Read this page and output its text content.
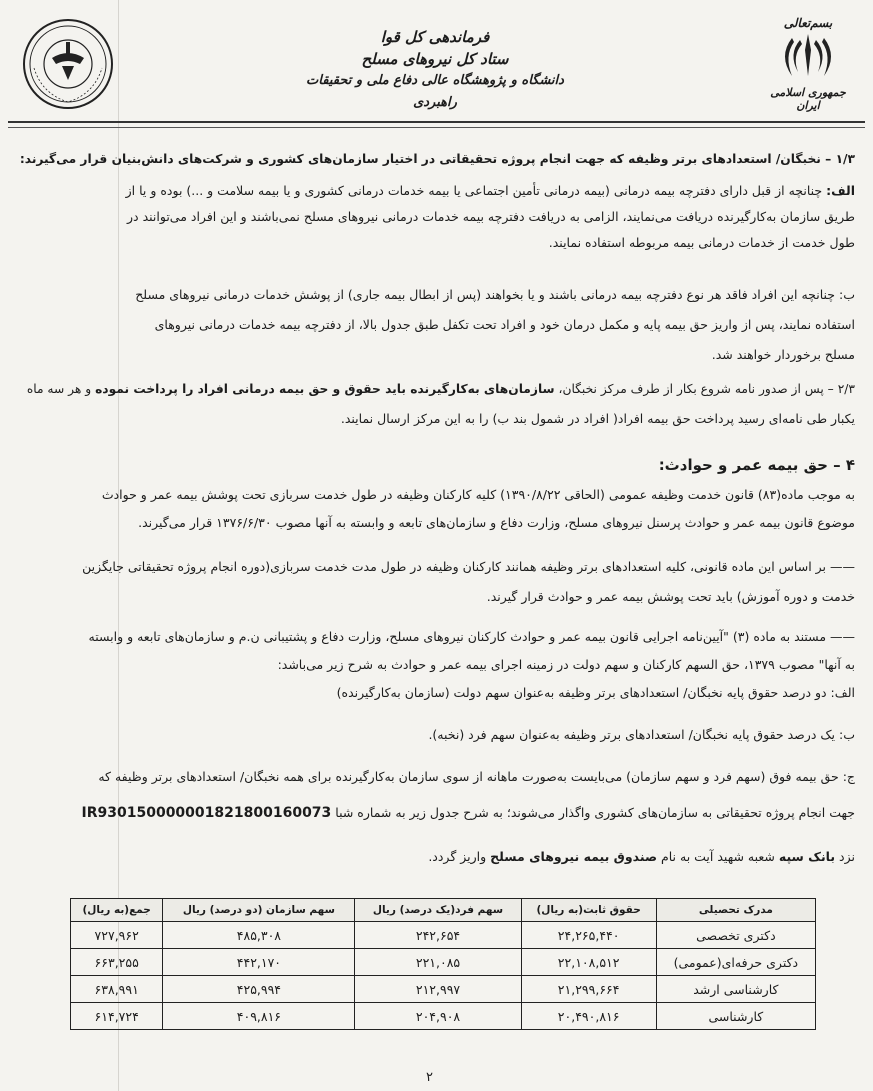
فرماندهی کل قوا
ستاد کل نیروهای مسلح
دانشگاه و پژوهشگاه عالی دفاع ملی و تحقیقات راهبردی
بسم‌تعالی
جمهوری اسلامی ایران
۱/۳ – نخبگان/ استعدادهای برتر وظیفه که جهت انجام پروژه تحقیقاتی در اختیار سازمان‌های کشوری و شرکت‌های دانش‌بنیان قرار می‌گیرند:
الف: چنانچه از قبل دارای دفترچه بیمه درمانی (بیمه درمانی تأمین اجتماعی یا بیمه خدمات درمانی کشوری و یا بیمه سلامت و ...) بوده و یا از
طریق سازمان به‌کارگیرنده دریافت می‌نمایند، الزامی به دریافت دفترچه بیمه خدمات درمانی نیروهای مسلح نمی‌باشند و این افراد می‌توانند در
طول خدمت از خدمات درمانی بیمه مربوطه استفاده نمایند.
ب: چنانچه این افراد فاقد هر نوع دفترچه بیمه درمانی باشند و یا بخواهند (پس از ابطال بیمه جاری) از پوشش خدمات درمانی نیروهای مسلح
استفاده نمایند، پس از واریز حق بیمه پایه و مکمل درمان خود و افراد تحت تکفل طبق جدول بالا، از دفترچه بیمه خدمات درمانی نیروهای
مسلح برخوردار خواهند شد.
۲/۳ – پس از صدور نامه شروع بکار از طرف مرکز نخبگان، سازمان‌های به‌کارگیرنده باید حقوق و حق بیمه درمانی افراد را پرداخت نموده و هر سه ماه
یکبار طی نامه‌ای رسید پرداخت حق بیمه افراد( افراد در شمول بند ب) را به این مرکز ارسال نمایند.
۴ – حق بیمه عمر و حوادث:
به موجب ماده(۸۳) قانون خدمت وظیفه عمومی (الحاقی ۱۳۹۰/۸/۲۲) کلیه کارکنان وظیفه در طول خدمت سربازی تحت پوشش بیمه عمر و حوادث
موضوع قانون بیمه عمر و حوادث پرسنل نیروهای مسلح، وزارت دفاع و سازمان‌های تابعه و وابسته به آنها مصوب ۱۳۷۶/۶/۳۰ قرار می‌گیرند.
—— بر اساس این ماده قانونی، کلیه استعدادهای برتر وظیفه همانند کارکنان وظیفه در طول مدت خدمت سربازی(دوره انجام پروژه تحقیقاتی جایگزین
خدمت و دوره آموزش) باید تحت پوشش بیمه عمر و حوادث قرار گیرند.
—— مستند به ماده (۳) "آیین‌نامه اجرایی قانون بیمه عمر و حوادث کارکنان نیروهای مسلح، وزارت دفاع و پشتیبانی ن.م و سازمان‌های تابعه و وابسته
به آنها" مصوب ۱۳۷۹، حق السهم کارکنان و سهم دولت در زمینه اجرای بیمه عمر و حوادث به شرح زیر می‌باشد:
الف: دو درصد حقوق پایه نخبگان/ استعدادهای برتر وظیفه به‌عنوان سهم دولت (سازمان به‌کارگیرنده)
ب: یک درصد حقوق پایه نخبگان/ استعدادهای برتر وظیفه به‌عنوان سهم فرد (نخبه).
ج: حق بیمه فوق (سهم فرد و سهم سازمان) می‌بایست به‌صورت ماهانه از سوی سازمان به‌کارگیرنده برای همه نخبگان/ استعدادهای برتر وظیفه که
جهت انجام پروژه تحقیقاتی به سازمان‌های کشوری واگذار می‌شوند؛ به شرح جدول زیر به شماره شبا IR930150000001821800160073
نزد بانک سپه شعبه شهید آیت به نام صندوق بیمه نیروهای مسلح واریز گردد.
مدرک تحصیلی	حقوق ثابت(به ریال)	سهم فرد(یک درصد) ریال	سهم سازمان (دو درصد) ریال	جمع(به ریال)
دکتری تخصصی	۲۴,۲۶۵,۴۴۰	۲۴۲,۶۵۴	۴۸۵,۳۰۸	۷۲۷,۹۶۲
دکتری حرفه‌ای(عمومی)	۲۲,۱۰۸,۵۱۲	۲۲۱,۰۸۵	۴۴۲,۱۷۰	۶۶۳,۲۵۵
کارشناسی ارشد	۲۱,۲۹۹,۶۶۴	۲۱۲,۹۹۷	۴۲۵,۹۹۴	۶۳۸,۹۹۱
کارشناسی	۲۰,۴۹۰,۸۱۶	۲۰۴,۹۰۸	۴۰۹,۸۱۶	۶۱۴,۷۲۴
۲
